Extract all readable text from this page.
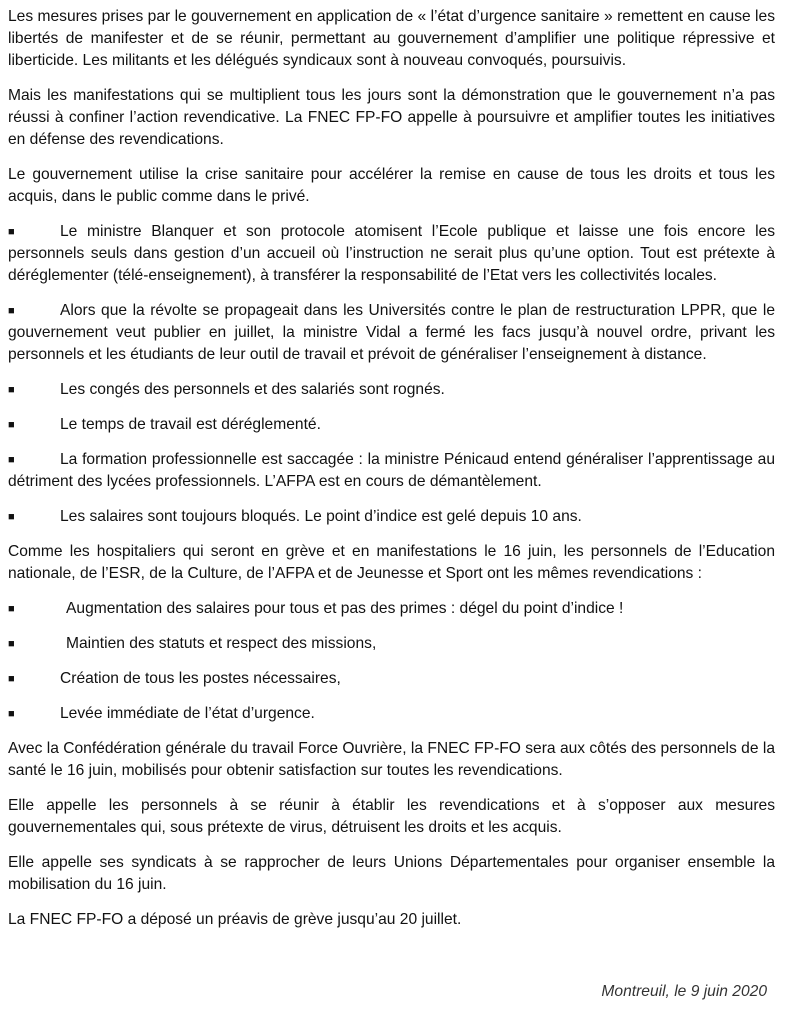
Les mesures prises par le gouvernement en application de « l’état d’urgence sanitaire » remettent en cause les libertés de manifester et de se réunir, permettant au gouvernement d’amplifier une politique répressive et liberticide. Les militants et les délégués syndicaux sont à nouveau convoqués, poursuivis.

Mais les manifestations qui se multiplient tous les jours sont la démonstration que le gouvernement n’a pas réussi à confiner l’action revendicative. La FNEC FP-FO appelle à poursuivre et amplifier toutes les initiatives en défense des revendications.

Le gouvernement utilise la crise sanitaire pour accélérer la remise en cause de tous les droits et tous les acquis, dans le public comme dans le privé.

■	Le ministre Blanquer et son protocole atomisent l’Ecole publique et laisse une fois encore les personnels seuls dans gestion d’un accueil où l’instruction ne serait plus qu’une option. Tout est prétexte à déréglementer (télé-enseignement), à transférer la responsabilité de l’Etat vers les collectivités locales.
■	Alors que la révolte se propageait dans les Universités contre le plan de restructuration LPPR, que le gouvernement veut publier en juillet, la ministre Vidal a fermé les facs jusqu’à nouvel ordre, privant les personnels et les étudiants de leur outil de travail et prévoit de généraliser l’enseignement à distance.
■	Les congés des personnels et des salariés sont rognés.
■	Le temps de travail est déréglementé.
■	La formation professionnelle est saccagée : la ministre Pénicaud entend généraliser l’apprentissage au détriment des lycées professionnels. L’AFPA est en cours de démantèlement.
■	Les salaires sont toujours bloqués. Le point d’indice est gelé depuis 10 ans.

Comme les hospitaliers qui seront en grève et en manifestations le 16 juin, les personnels de l’Education nationale, de l’ESR, de la Culture, de l’AFPA et de Jeunesse et Sport ont les mêmes revendications :

■	Augmentation des salaires pour tous et pas des primes : dégel du point d’indice !
■	Maintien des statuts et respect des missions,
■	Création de tous les postes nécessaires,
■	Levée immédiate de l’état d’urgence.

Avec la Confédération générale du travail Force Ouvrière, la FNEC FP-FO sera aux côtés des personnels de la santé le 16 juin, mobilisés pour obtenir satisfaction sur toutes les revendications.

Elle appelle les personnels à se réunir à établir les revendications et à s’opposer aux mesures gouvernementales qui, sous prétexte de virus, détruisent les droits et les acquis.

Elle appelle ses syndicats à se rapprocher de leurs Unions Départementales pour organiser ensemble la mobilisation du 16 juin.

La FNEC FP-FO a déposé un préavis de grève jusqu’au 20 juillet.

Montreuil, le 9 juin 2020
